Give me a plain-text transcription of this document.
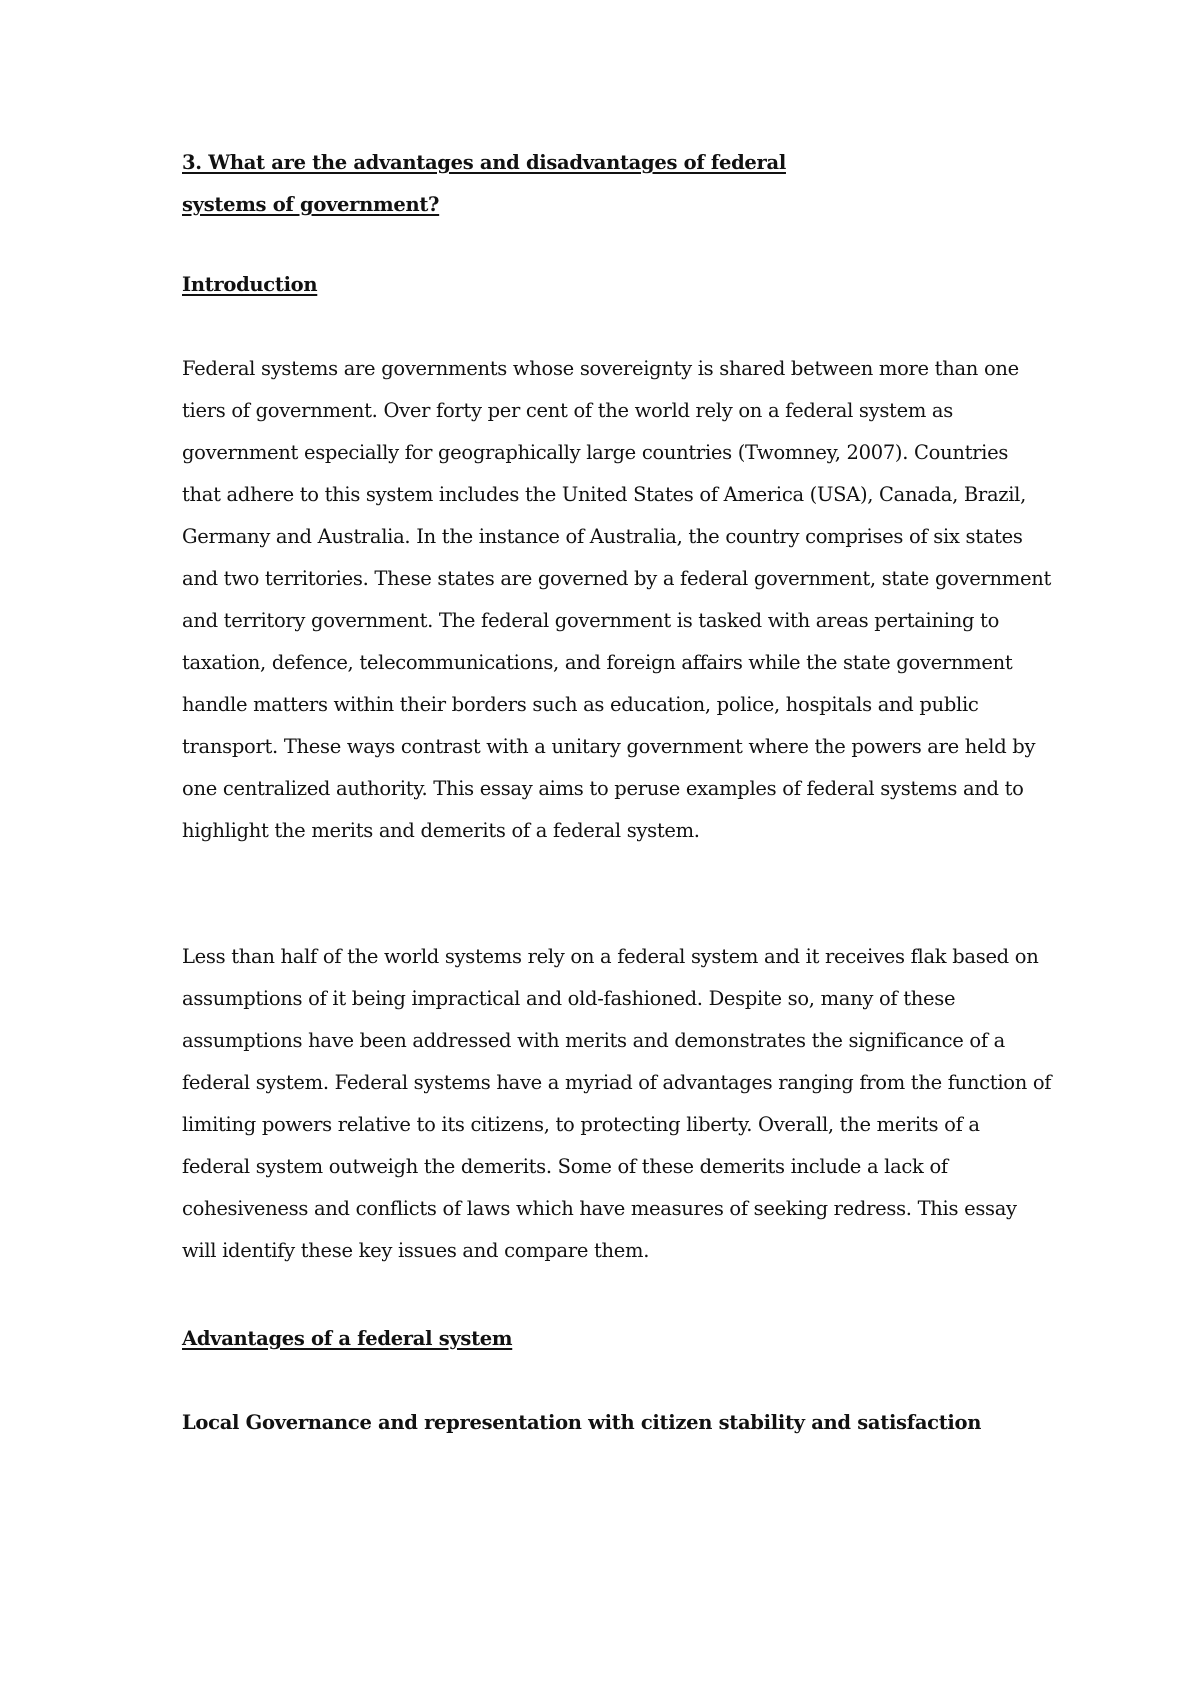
3. What are the advantages and disadvantages of federal
systems of government?
Introduction
Federal systems are governments whose sovereignty is shared between more than one
tiers of government. Over forty per cent of the world rely on a federal system as
government especially for geographically large countries (Twomney, 2007). Countries
that adhere to this system includes the United States of America (USA), Canada, Brazil,
Germany and Australia. In the instance of Australia, the country comprises of six states
and two territories. These states are governed by a federal government, state government
and territory government. The federal government is tasked with areas pertaining to
taxation, defence, telecommunications, and foreign affairs while the state government
handle matters within their borders such as education, police, hospitals and public
transport. These ways contrast with a unitary government where the powers are held by
one centralized authority. This essay aims to peruse examples of federal systems and to
highlight the merits and demerits of a federal system.
Less than half of the world systems rely on a federal system and it receives flak based on
assumptions of it being impractical and old-fashioned. Despite so, many of these
assumptions have been addressed with merits and demonstrates the significance of a
federal system. Federal systems have a myriad of advantages ranging from the function of
limiting powers relative to its citizens, to protecting liberty. Overall, the merits of a
federal system outweigh the demerits. Some of these demerits include a lack of
cohesiveness and conflicts of laws which have measures of seeking redress. This essay
will identify these key issues and compare them.
Advantages of a federal system
Local Governance and representation with citizen stability and satisfaction
